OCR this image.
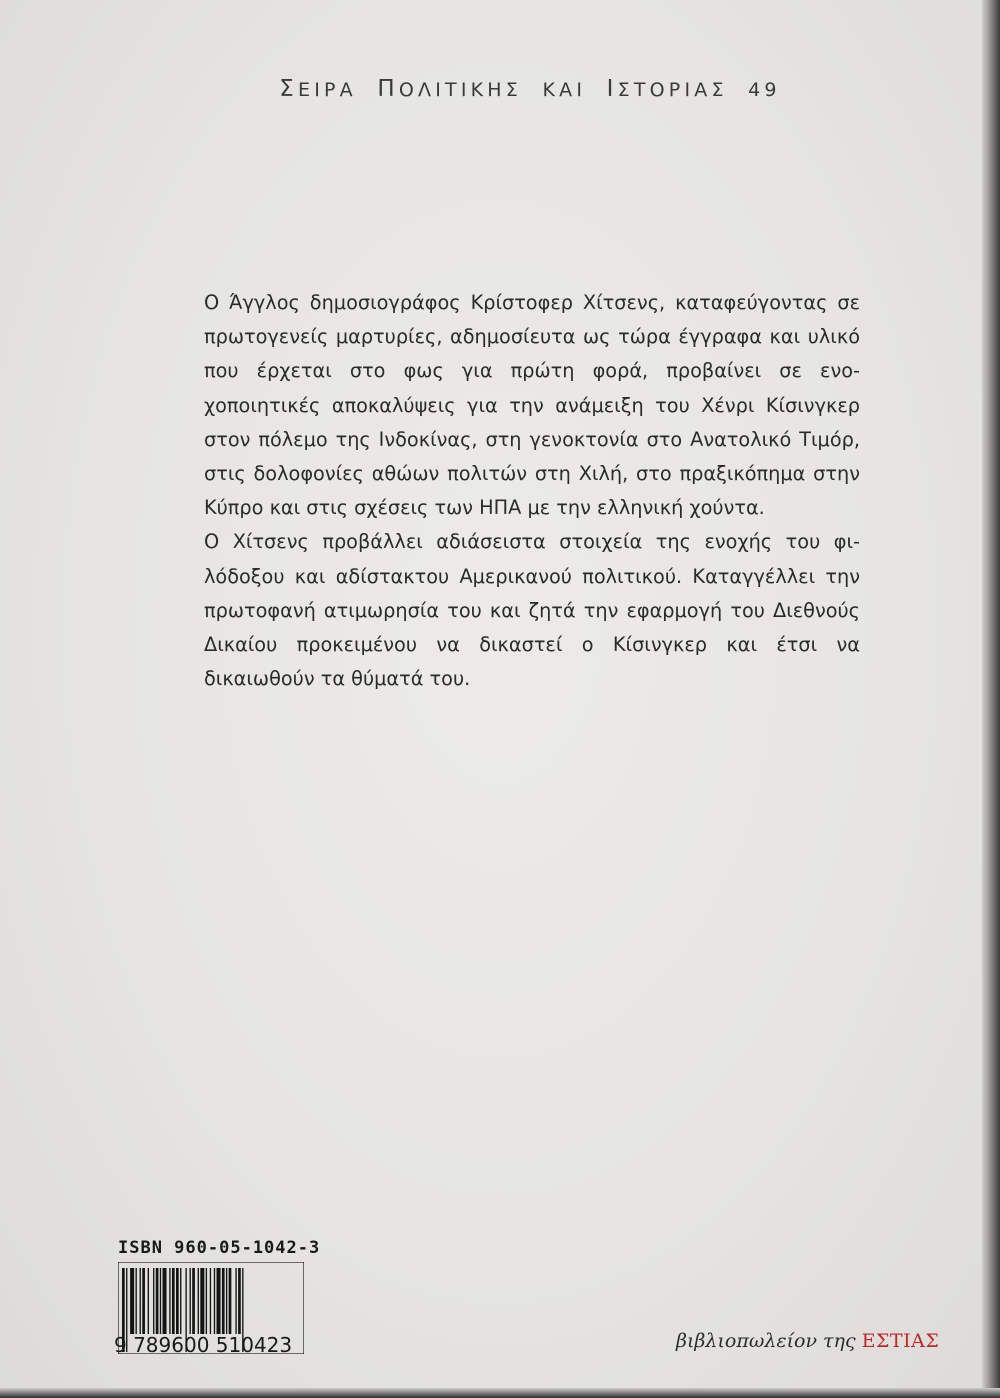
ΣΕΙΡΑ ΠΟΛΙΤΙΚΗΣ ΚΑΙ ΙΣΤΟΡΙΑΣ 49

Ο Άγγλος δημοσιογράφος Κρίστοφερ Χίτσενς, καταφεύγοντας σε πρωτογενείς μαρτυρίες, αδημοσίευτα ως τώρα έγγραφα και υλικό που έρχεται στο φως για πρώτη φορά, προβαίνει σε ενοχοποιητικές αποκαλύψεις για την ανάμειξη του Χένρι Κίσινγκερ στον πόλεμο της Ινδοκίνας, στη γενοκτονία στο Ανατολικό Τιμόρ, στις δολοφονίες αθώων πολιτών στη Χιλή, στο πραξικόπημα στην Κύπρο και στις σχέσεις των ΗΠΑ με την ελληνική χούντα.

Ο Χίτσενς προβάλλει αδιάσειστα στοιχεία της ενοχής του φιλόδοξου και αδίστακτου Αμερικανού πολιτικού. Καταγγέλλει την πρωτοφανή ατιμωρησία του και ζητά την εφαρμογή του Διεθνούς Δικαίου προκειμένου να δικαστεί ο Κίσινγκερ και έτσι να δικαιωθούν τα θύματά του.

ISBN 960-05-1042-3
9 789600 510423	βιβλιοπωλείον της ΕΣΤΙΑΣ
